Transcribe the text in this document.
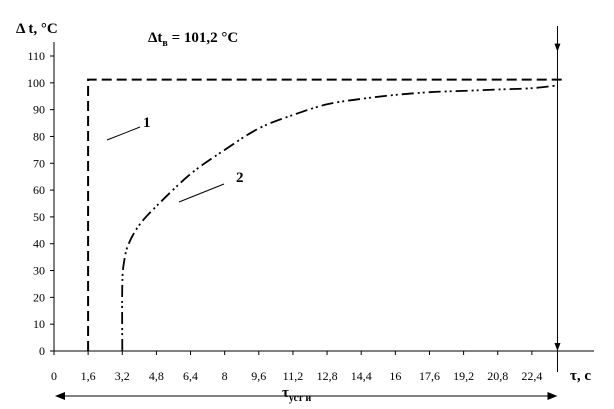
0
10
20
30
40
50
60
70
80
90
100
110
0 1,6 3,2 4,8 6,4 8 9,6 11,2 12,8 14,4 16 17,6 19,2 20,8 22,4
Δ t, °C
τ, c
$\Delta t_в = 101,2$ °C
1
2
$\tau_{уст и}$
